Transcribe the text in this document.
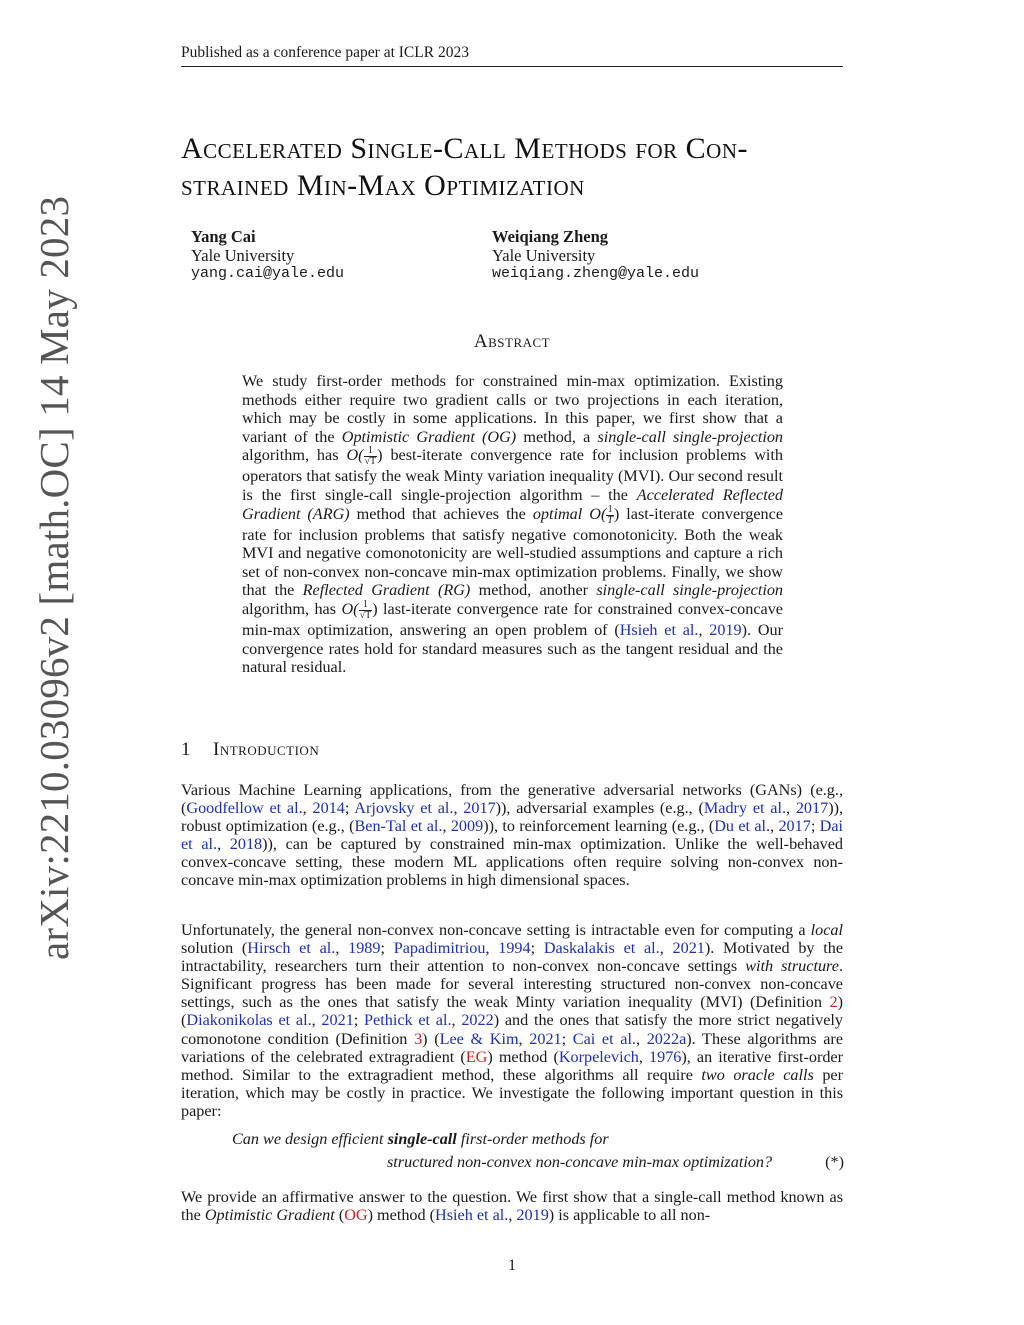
Published as a conference paper at ICLR 2023
arXiv:2210.03096v2 [math.OC] 14 May 2023
Accelerated Single-Call Methods for Con-
strained Min-Max Optimization
Yang Cai
Yale University
yang.cai@yale.edu
Weiqiang Zheng
Yale University
weiqiang.zheng@yale.edu
Abstract

We study first-order methods for constrained min-max optimization. Existing methods either require two gradient calls or two projections in each iteration, which may be costly in some applications. In this paper, we first show that a variant of the Optimistic Gradient (OG) method, a single-call single-projection algorithm, has $O( \frac{1}{√T}$ ) best-iterate convergence rate for inclusion problems with operators that satisfy the weak Minty variation inequality (MVI). Our second result is the first single-call single-projection algorithm – the Accelerated Reflected Gradient (ARG) method that achieves the optimal $O( \frac{1}{T}$ ) last-iterate convergence rate for inclusion problems that satisfy negative comonotonicity. Both the weak MVI and negative comonotonicity are well-studied assumptions and capture a rich set of non-convex non-concave min-max optimization problems. Finally, we show that the Reflected Gradient (RG) method, another single-call single-projection algorithm, has $O( \frac{1}{√T}$ ) last-iterate convergence rate for constrained convex-concave min-max optimization, answering an open problem of (Hsieh et al., 2019). Our convergence rates hold for standard measures such as the tangent residual and the natural residual.

1 Introduction

Various Machine Learning applications, from the generative adversarial networks (GANs) (e.g., (Goodfellow et al., 2014; Arjovsky et al., 2017)), adversarial examples (e.g., (Madry et al., 2017)), robust optimization (e.g., (Ben-Tal et al., 2009)), to reinforcement learning (e.g., (Du et al., 2017; Dai et al., 2018)), can be captured by constrained min-max optimization. Unlike the well-behaved convex-concave setting, these modern ML applications often require solving non-convex non-concave min-max optimization problems in high dimensional spaces.

Unfortunately, the general non-convex non-concave setting is intractable even for computing a local solution (Hirsch et al., 1989; Papadimitriou, 1994; Daskalakis et al., 2021). Motivated by the intractability, researchers turn their attention to non-convex non-concave settings with structure. Significant progress has been made for several interesting structured non-convex non-concave settings, such as the ones that satisfy the weak Minty variation inequality (MVI) (Definition 2) (Diakonikolas et al., 2021; Pethick et al., 2022) and the ones that satisfy the more strict negatively comonotone condition (Definition 3) (Lee & Kim, 2021; Cai et al., 2022a). These algorithms are variations of the celebrated extragradient (EG) method (Korpelevich, 1976), an iterative first-order method. Similar to the extragradient method, these algorithms all require two oracle calls per iteration, which may be costly in practice. We investigate the following important question in this paper:

Can we design efficient single-call first-order methods for
structured non-convex non-concave min-max optimization?	(*)

We provide an affirmative answer to the question. We first show that a single-call method known as the Optimistic Gradient (OG) method (Hsieh et al., 2019) is applicable to all non-

1
